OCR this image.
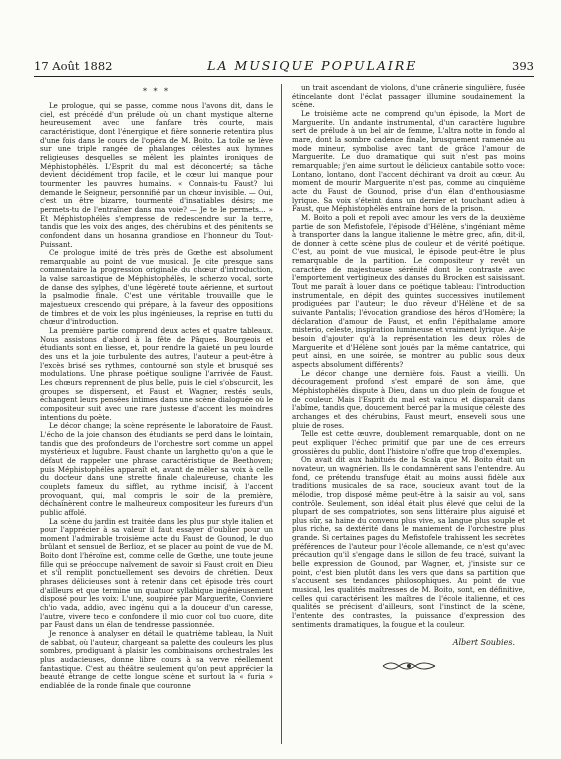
17 Août 1882	LA MUSIQUE POPULAIRE	393
* * *

Le prologue, qui se passe, comme nous l'avons dit, dans le ciel, est précédé d'un prélude où un chant mystique alterne heureusement avec une fanfare très courte, mais caractéristique, dont l'énergique et fière sonnerie retentira plus d'une fois dans le cours de l'opéra de M. Boito. La toile se lève sur une triple rangée de phalanges célestes aux hymnes religieuses desquelles se mêlent les plaintes ironiques de Méphistophélès. L'Esprit du mal est déconcerté; sa tâche devient décidément trop facile, et le cœur lui manque pour tourmenter les pauvres humains. « Connais-tu Faust? lui demande le Seigneur, personnifié par un chœur invisible. — Oui, c'est un être bizarre, tourmenté d'insatiables désirs; me permets-tu de l'entraîner dans ma voie? — Je te le permets... » Et Méphistophélès s'empresse de redescendre sur la terre, tandis que les voix des anges, des chérubins et des pénitents se confondent dans un hosanna grandiose en l'honneur du Tout-Puissant.

Ce prologue imité de très près de Gœthe est absolument remarquable au point de vue musical. Je cite presque sans commentaire la progression originale du chœur d'introduction, la valse sarcastique de Méphistophélès, le scherzo vocal, sorte de danse des sylphes, d'une légèreté toute aérienne, et surtout la psalmodie finale. C'est une véritable trouvaille que le majestueux crescendo qui prépare, à la faveur des oppositions de timbres et de voix les plus ingénieuses, la reprise en tutti du chœur d'introduction.

La première partie comprend deux actes et quatre tableaux. Nous assistons d'abord à la fête de Pâques. Bourgeois et étudiants sont en liesse, et, pour rendre la gaieté un peu lourde des uns et la joie turbulente des autres, l'auteur a peut-être à l'excès brisé ses rythmes, contourné son style et brusqué ses modulations. Une phrase poétique souligne l'arrivée de Faust. Les chœurs reprennent de plus belle, puis le ciel s'obscurcit, les groupes se dispersent, et Faust et Wagner, restés seuls, échangent leurs pensées intimes dans une scène dialoguée où le compositeur suit avec une rare justesse d'accent les moindres intentions du poète.

Le décor change; la scène représente le laboratoire de Faust. L'écho de la joie chanson des étudiants se perd dans le lointain, tandis que des profondeurs de l'orchestre sort comme un appel mystérieux et lugubre. Faust chante un larghetto qu'on a que le défaut de rappeler une phrase caractéristique de Beethoven; puis Méphistophélès apparaît et, avant de mêler sa voix à celle du docteur dans une strette finale chaleureuse, chante les couplets fameux du sifflet, au rythme incisif, à l'accent provoquant, qui, mal compris le soir de la première, déchaînèrent contre le malheureux compositeur les fureurs d'un public affolé.

La scène du jardin est traitée dans les plus pur style italien et pour l'apprécier à sa valeur il faut essayer d'oublier pour un moment l'admirable troisième acte du Faust de Gounod, le duo brûlant et sensuel de Berlioz, et se placer au point de vue de M. Boito dont l'héroïne est, comme celle de Gœthe, une toute jeune fille qui se préoccupe naïvement de savoir si Faust croit en Dieu et s'il remplit ponctuellement ses devoirs de chrétien. Deux phrases délicieuses sont à retenir dans cet épisode très court d'ailleurs et que termine un quatuor syllabique ingénieusement disposé pour les voix: L'une, soupirée par Marguerite, Conviere ch'io vada, addio, avec ingénu qui a la douceur d'un caresse, l'autre, vivere teco e confondere il mio cuor col tuo cuore, dite par Faust dans un élan de tendresse passionnée.

Je renonce à analyser en détail le quatrième tableau, la Nuit de sabbat, où l'auteur, chargeant sa palette des couleurs les plus sombres, prodiguant à plaisir les combinaisons orchestrales les plus audacieuses, donne libre cours à sa verve réellement fantastique. C'est au théâtre seulement qu'on peut apprécier la beauté étrange de cette longue scène et surtout la « furia » endiablée de la ronde finale que couronne

un trait ascendant de violons, d'une crânerie singulière, fusée étincelante dont l'éclat passager illumine soudainement la scène.

Le troisième acte ne comprend qu'un épisode, la Mort de Marguerite. Un andante instrumental, d'un caractère lugubre sert de prélude à un bel air de femme, L'altra notte in fondo al mare, dont la sombre cadence finale, brusquement ramenée au mode mineur, symbolise avec tant de grâce l'amour de Marguerite. Le duo dramatique qui suit n'est pas moins remarquable; j'en aime surtout le délicieux cantabile sotto voce: Lontano, lontano, dont l'accent déchirant va droit au cœur. Au moment de mourir Marguerite n'est pas, comme au cinquième acte du Faust de Gounod, prise d'un élan d'enthousiasme lyrique. Sa voix s'éteint dans un dernier et touchant adieu à Faust, que Méphistophélès entraîne hors de la prison.

M. Boito a poli et repoli avec amour les vers de la deuxième partie de son Mefistofele, l'épisode d'Hélène, s'ingéniant même à transporter dans la langue italienne le mètre grec, afin, dit-il, de donner à cette scène plus de couleur et de vérité poétique. C'est, au point de vue musical, le épisode peut-être le plus remarquable de la partition. Le compositeur y revêt un caractère de majestueuse sérénité dont le contraste avec l'emportement vertigineux des danses du Brocken est saisissant. Tout me paraît à louer dans ce poétique tableau: l'introduction instrumentale, en dépit des quintes successives inutilement prodiguées par l'auteur; le duo rêveur d'Hélène et de sa suivante Pantalis; l'évocation grandiose des héros d'Homère; la déclaration d'amour de Faust, et enfin l'épithalame amore misterio, celeste, inspiration lumineuse et vraiment lyrique. Ai-je besoin d'ajouter qu'à la représentation les deux rôles de Marguerite et d'Hélène sont joués par la même cantatrice, qui peut ainsi, en une soirée, se montrer au public sous deux aspects absolument différents?

Le décor change une dernière fois. Faust a vieilli. Un découragement profond s'est emparé de son âme, que Méphistophélès dispute à Dieu, dans un duo plein de fougue et de couleur. Mais l'Esprit du mal est vaincu et disparaît dans l'abîme, tandis que, doucement bercé par la musique céleste des archanges et des chérubins, Faust meurt, enseveli sous une pluie de roses.

Telle est cette œuvre, doublement remarquable, dont on ne peut expliquer l'échec primitif que par une de ces erreurs grossières du public, dont l'histoire n'offre que trop d'exemples.

On avait dit aux habitués de la Scala que M. Boito était un novateur, un wagnérien. Ils le condamnèrent sans l'entendre. Au fond, ce prétendu transfuge était au moins aussi fidèle aux traditions musicales de sa race, soucieux avant tout de la mélodie, trop disposé même peut-être à la saisir au vol, sans contrôle. Seulement, son idéal était plus élevé que celui de la plupart de ses compatriotes, son sens littéraire plus aiguisé et plus sûr, sa haine du convenu plus vive, sa langue plus souple et plus riche, sa dextérité dans le maniement de l'orchestre plus grande. Si certaines pages du Mefistofele trahissent les secrètes préférences de l'auteur pour l'école allemande, ce n'est qu'avec précaution qu'il s'engage dans le sillon de feu tracé, suivant la belle expression de Gounod, par Wagner, et, j'insiste sur ce point, c'est bien plutôt dans les vers que dans sa partition que s'accusent ses tendances philosophiques. Au point de vue musical, les qualités maîtresses de M. Boito, sont, en définitive, celles qui caractérisent les maîtres de l'école italienne, et ces qualités se précisent d'ailleurs, sont l'instinct de la scène, l'entente des contrastes, la puissance d'expression des sentiments dramatiques, la fougue et la couleur.

Albert Soubies.
